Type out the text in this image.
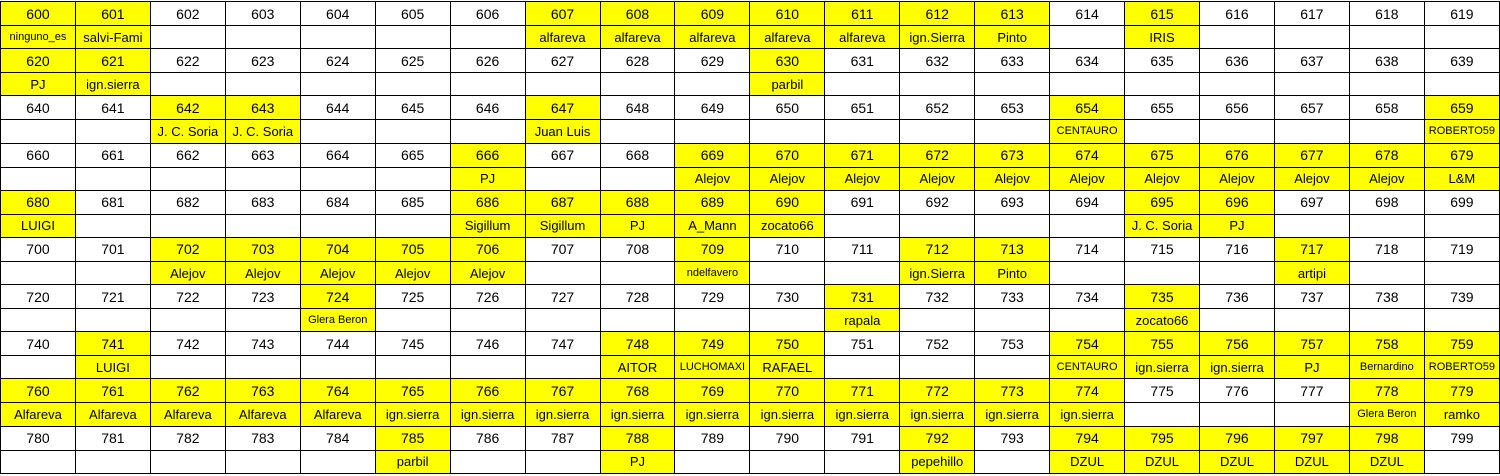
600	601	602	603	604	605	606	607	608	609	610	611	612	613	614	615	616	617	618	619
ninguno_es	salvi-Fami						alfareva	alfareva	alfareva	alfareva	alfareva	ign.Sierra	Pinto		IRIS				
620	621	622	623	624	625	626	627	628	629	630	631	632	633	634	635	636	637	638	639
PJ	ign.sierra									parbil									
640	641	642	643	644	645	646	647	648	649	650	651	652	653	654	655	656	657	658	659
		J. C. Soria	J. C. Soria				Juan Luis							CENTAURO					ROBERTO59
660	661	662	663	664	665	666	667	668	669	670	671	672	673	674	675	676	677	678	679
						PJ			Alejov	Alejov	Alejov	Alejov	Alejov	Alejov	Alejov	Alejov	Alejov	Alejov	L&M
680	681	682	683	684	685	686	687	688	689	690	691	692	693	694	695	696	697	698	699
LUIGI						Sigillum	Sigillum	PJ	A_Mann	zocato66					J. C. Soria	PJ			
700	701	702	703	704	705	706	707	708	709	710	711	712	713	714	715	716	717	718	719
		Alejov	Alejov	Alejov	Alejov	Alejov			ndelfavero			ign.Sierra	Pinto				artipi		
720	721	722	723	724	725	726	727	728	729	730	731	732	733	734	735	736	737	738	739
				Glera Beron							rapala				zocato66				
740	741	742	743	744	745	746	747	748	749	750	751	752	753	754	755	756	757	758	759
	LUIGI							AITOR	LUCHOMAXI	RAFAEL				CENTAURO	ign.sierra	ign.sierra	PJ	Bernardino	ROBERTO59
760	761	762	763	764	765	766	767	768	769	770	771	772	773	774	775	776	777	778	779
Alfareva	Alfareva	Alfareva	Alfareva	Alfareva	ign.sierra	ign.sierra	ign.sierra	ign.sierra	ign.sierra	ign.sierra	ign.sierra	ign.sierra	ign.sierra	ign.sierra				Glera Beron	ramko
780	781	782	783	784	785	786	787	788	789	790	791	792	793	794	795	796	797	798	799
					parbil			PJ				pepehillo		DZUL	DZUL	DZUL	DZUL	DZUL	
